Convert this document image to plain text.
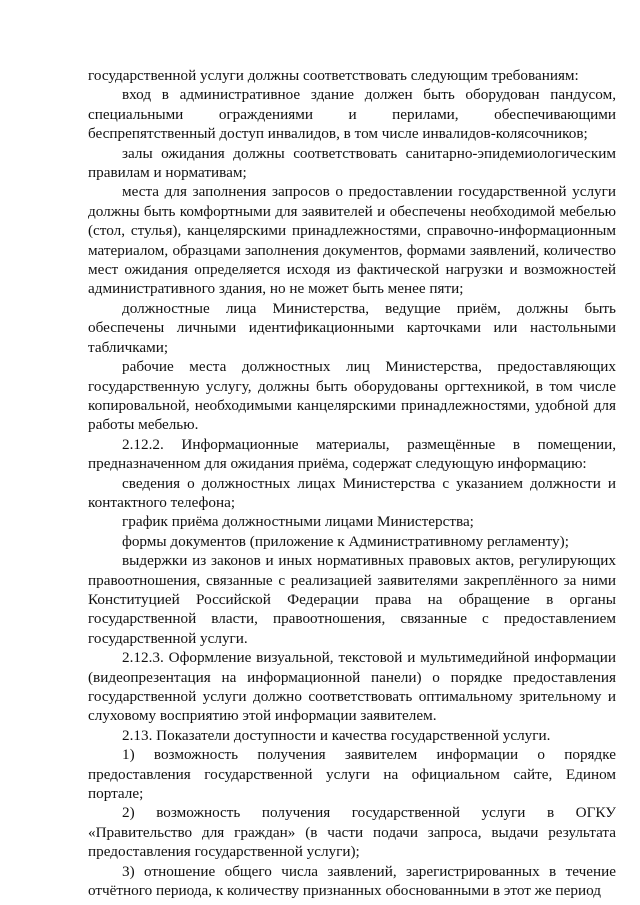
государственной услуги должны соответствовать следующим требованиям:

вход в административное здание должен быть оборудован пандусом, специальными ограждениями и перилами, обеспечивающими беспрепятственный доступ инвалидов, в том числе инвалидов-колясочников;

залы ожидания должны соответствовать санитарно-эпидемиологическим правилам и нормативам;

места для заполнения запросов о предоставлении государственной услуги должны быть комфортными для заявителей и обеспечены необходимой мебелью (стол, стулья), канцелярскими принадлежностями, справочно-информационным материалом, образцами заполнения документов, формами заявлений, количество мест ожидания определяется исходя из фактической нагрузки и возможностей административного здания, но не может быть менее пяти;

должностные лица Министерства, ведущие приём, должны быть обеспечены личными идентификационными карточками или настольными табличками;

рабочие места должностных лиц Министерства, предоставляющих государственную услугу, должны быть оборудованы оргтехникой, в том числе копировальной, необходимыми канцелярскими принадлежностями, удобной для работы мебелью.

2.12.2. Информационные материалы, размещённые в помещении, предназначенном для ожидания приёма, содержат следующую информацию:

сведения о должностных лицах Министерства с указанием должности и контактного телефона;

график приёма должностными лицами Министерства;

формы документов (приложение к Административному регламенту);

выдержки из законов и иных нормативных правовых актов, регулирующих правоотношения, связанные с реализацией заявителями закреплённого за ними Конституцией Российской Федерации права на обращение в органы государственной власти, правоотношения, связанные с предоставлением государственной услуги.

2.12.3. Оформление визуальной, текстовой и мультимедийной информации (видеопрезентация на информационной панели) о порядке предоставления государственной услуги должно соответствовать оптимальному зрительному и слуховому восприятию этой информации заявителем.

2.13. Показатели доступности и качества государственной услуги.

1) возможность получения заявителем информации о порядке предоставления государственной услуги на официальном сайте, Едином портале;

2) возможность получения государственной услуги в ОГКУ «Правительство для граждан» (в части подачи запроса, выдачи результата предоставления государственной услуги);

3) отношение общего числа заявлений, зарегистрированных в течение отчётного периода, к количеству признанных обоснованными в этот же период
